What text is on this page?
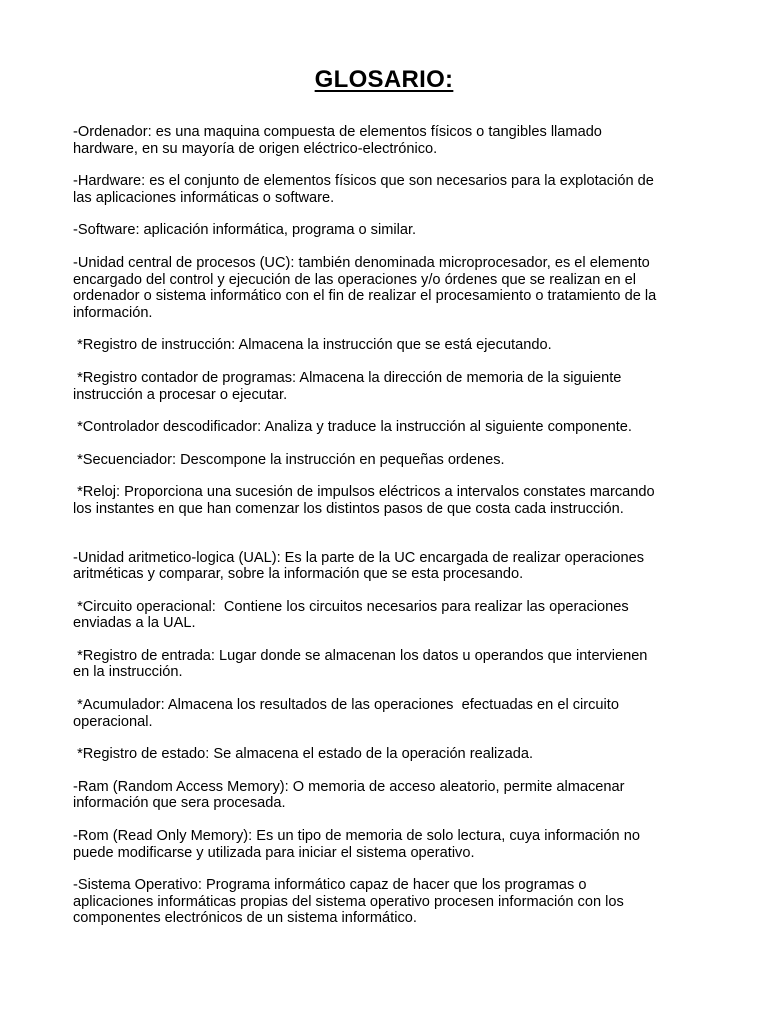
GLOSARIO:

-Ordenador: es una maquina compuesta de elementos físicos o tangibles llamado
hardware, en su mayoría de origen eléctrico-electrónico.

-Hardware: es el conjunto de elementos físicos que son necesarios para la explotación de
las aplicaciones informáticas o software.

-Software: aplicación informática, programa o similar.

-Unidad central de procesos (UC): también denominada microprocesador, es el elemento
encargado del control y ejecución de las operaciones y/o órdenes que se realizan en el
ordenador o sistema informático con el fin de realizar el procesamiento o tratamiento de la
información.

*Registro de instrucción: Almacena la instrucción que se está ejecutando.

*Registro contador de programas: Almacena la dirección de memoria de la siguiente
instrucción a procesar o ejecutar.

*Controlador descodificador: Analiza y traduce la instrucción al siguiente componente.

*Secuenciador: Descompone la instrucción en pequeñas ordenes.

*Reloj: Proporciona una sucesión de impulsos eléctricos a intervalos constates marcando
los instantes en que han comenzar los distintos pasos de que costa cada instrucción.

-Unidad aritmetico-logica (UAL): Es la parte de la UC encargada de realizar operaciones
aritméticas y comparar, sobre la información que se esta procesando.

*Circuito operacional:  Contiene los circuitos necesarios para realizar las operaciones
enviadas a la UAL.

*Registro de entrada: Lugar donde se almacenan los datos u operandos que intervienen
en la instrucción.

*Acumulador: Almacena los resultados de las operaciones  efectuadas en el circuito
operacional.

*Registro de estado: Se almacena el estado de la operación realizada.

-Ram (Random Access Memory): O memoria de acceso aleatorio, permite almacenar
información que sera procesada.

-Rom (Read Only Memory): Es un tipo de memoria de solo lectura, cuya información no
puede modificarse y utilizada para iniciar el sistema operativo.

-Sistema Operativo: Programa informático capaz de hacer que los programas o
aplicaciones informáticas propias del sistema operativo procesen información con los
componentes electrónicos de un sistema informático.
